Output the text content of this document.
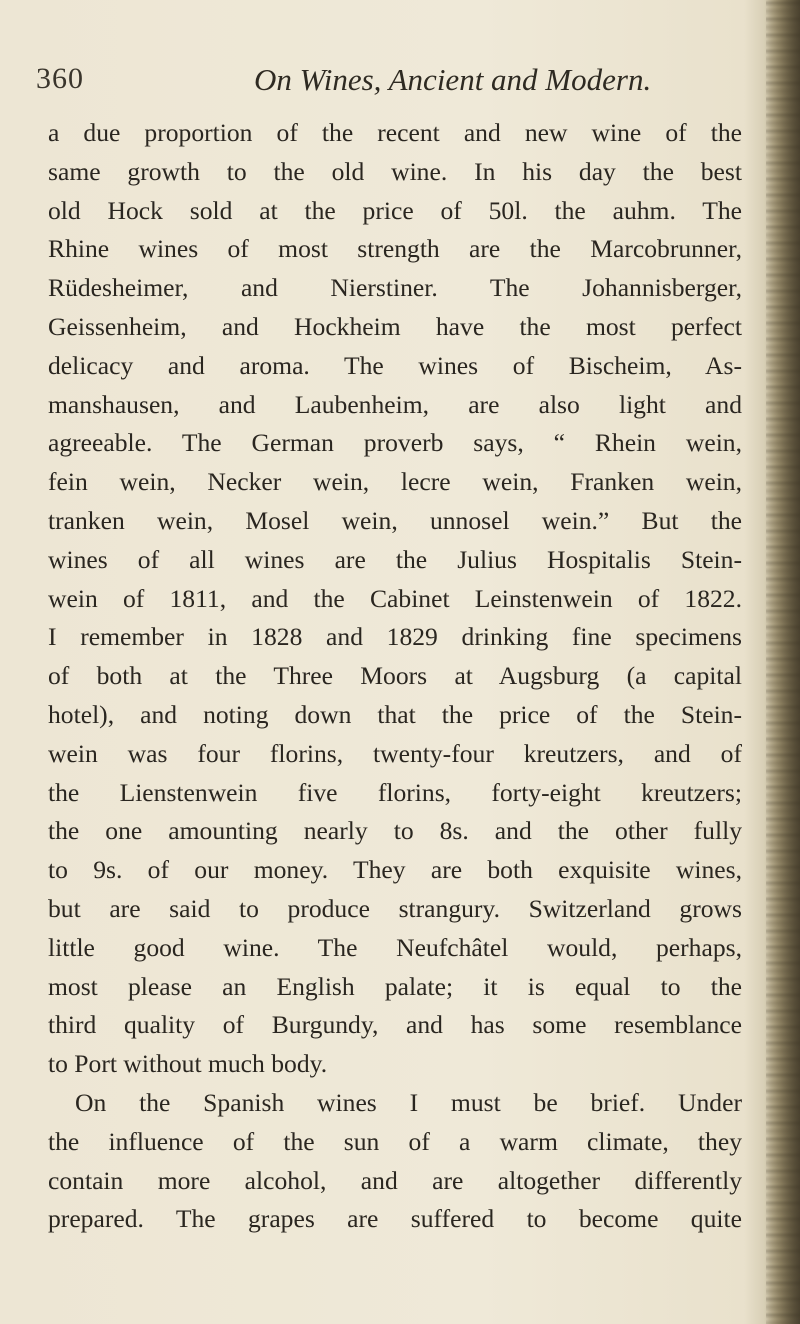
360	On Wines, Ancient and Modern.
a due proportion of the recent and new wine of the
same growth to the old wine. In his day the best
old Hock sold at the price of 50l. the auhm. The
Rhine wines of most strength are the Marcobrunner,
Rüdesheimer, and Nierstiner. The Johannisberger,
Geissenheim, and Hockheim have the most perfect
delicacy and aroma. The wines of Bischeim, As-
manshausen, and Laubenheim, are also light and
agreeable. The German proverb says, “ Rhein wein,
fein wein, Necker wein, lecre wein, Franken wein,
tranken wein, Mosel wein, unnosel wein.” But the
wines of all wines are the Julius Hospitalis Stein-
wein of 1811, and the Cabinet Leinstenwein of 1822.
I remember in 1828 and 1829 drinking fine specimens
of both at the Three Moors at Augsburg (a capital
hotel), and noting down that the price of the Stein-
wein was four florins, twenty-four kreutzers, and of
the Lienstenwein five florins, forty-eight kreutzers;
the one amounting nearly to 8s. and the other fully
to 9s. of our money. They are both exquisite wines,
but are said to produce strangury. Switzerland grows
little good wine. The Neufchâtel would, perhaps,
most please an English palate; it is equal to the
third quality of Burgundy, and has some resemblance
to Port without much body.
On the Spanish wines I must be brief. Under
the influence of the sun of a warm climate, they
contain more alcohol, and are altogether differently
prepared. The grapes are suffered to become quite
